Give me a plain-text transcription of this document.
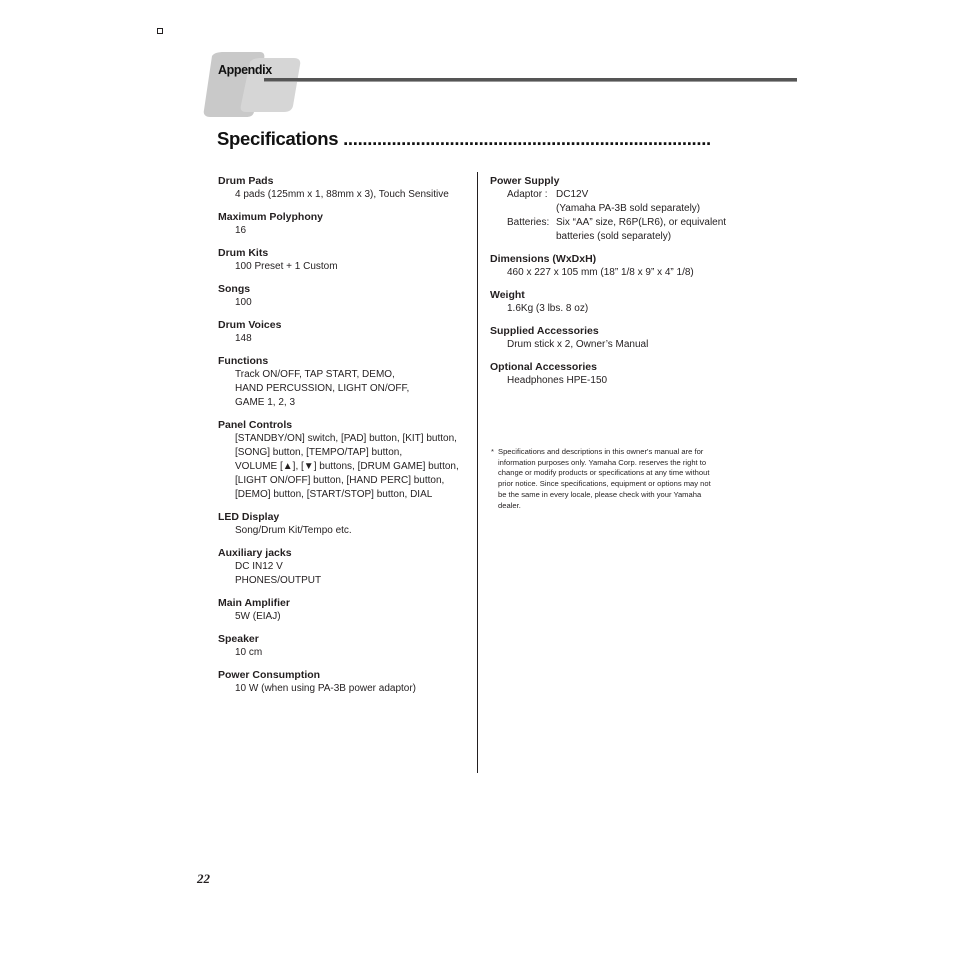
Appendix
Specifications ............................................................................
Drum Pads
4 pads (125mm x 1, 88mm x 3), Touch Sensitive
Maximum Polyphony
16
Drum Kits
100 Preset + 1 Custom
Songs
100
Drum Voices
148
Functions
Track ON/OFF, TAP START, DEMO,
HAND PERCUSSION, LIGHT ON/OFF,
GAME 1, 2, 3
Panel Controls
[STANDBY/ON] switch, [PAD] button, [KIT] button,
[SONG] button, [TEMPO/TAP] button,
VOLUME [▲], [▼] buttons, [DRUM GAME] button,
[LIGHT ON/OFF] button, [HAND PERC] button,
[DEMO] button, [START/STOP] button, DIAL
LED Display
Song/Drum Kit/Tempo etc.
Auxiliary jacks
DC IN12 V
PHONES/OUTPUT
Main Amplifier
5W (EIAJ)
Speaker
10 cm
Power Consumption
10 W (when using PA-3B power adaptor)
Power Supply
Adaptor : DC12V
(Yamaha PA-3B sold separately)
Batteries: Six “AA” size, R6P(LR6), or equivalent
batteries (sold separately)
Dimensions (WxDxH)
460 x 227 x 105 mm (18” 1/8 x 9” x 4” 1/8)
Weight
1.6Kg (3 lbs. 8 oz)
Supplied Accessories
Drum stick x 2, Owner’s Manual
Optional Accessories
Headphones HPE-150
* Specifications and descriptions in this owner's manual are for
information purposes only. Yamaha Corp. reserves the right to
change or modify products or specifications at any time without
prior notice. Since specifications, equipment or options may not
be the same in every locale, please check with your Yamaha
dealer.
22
